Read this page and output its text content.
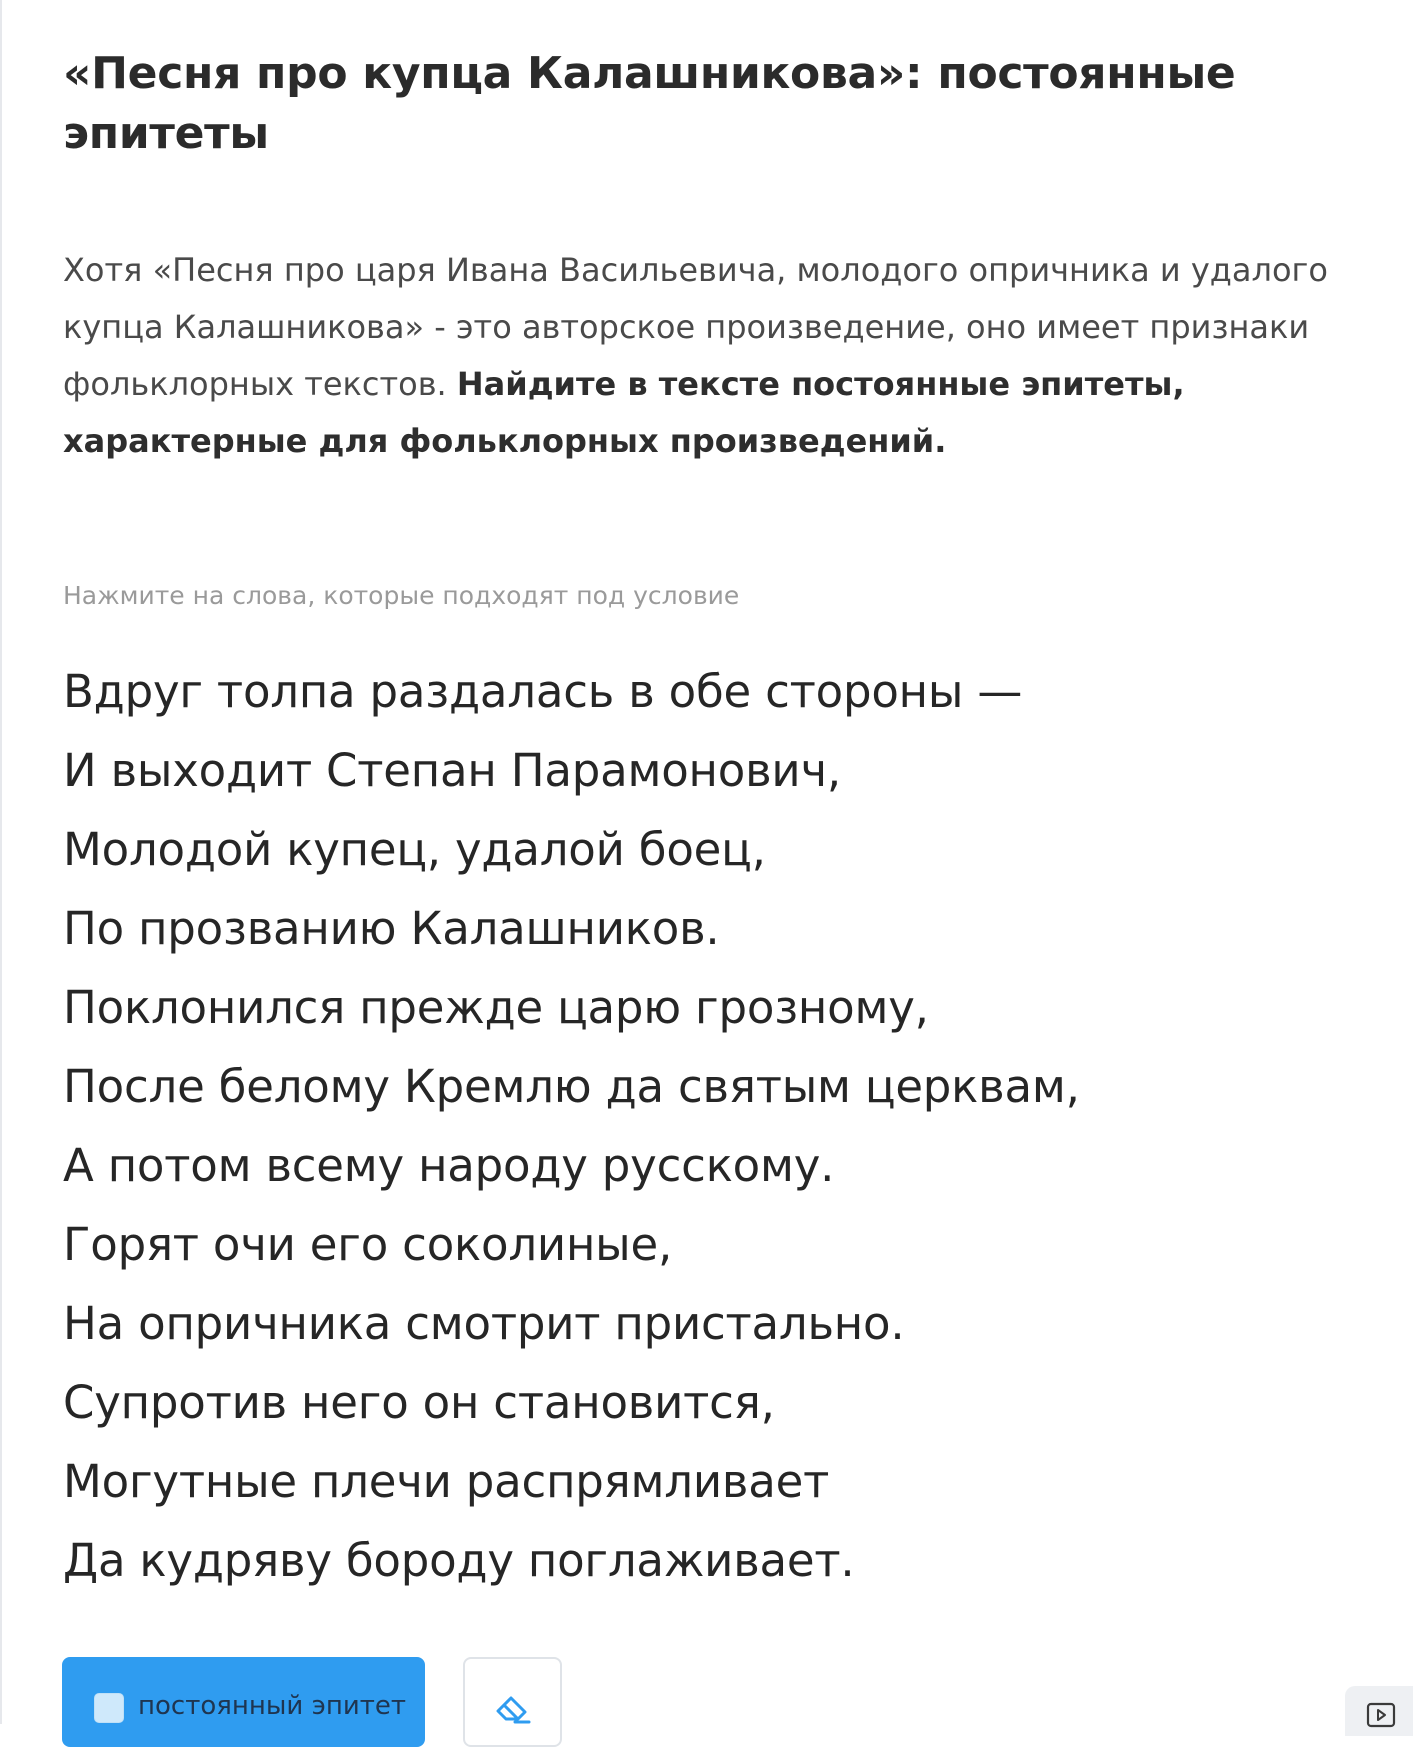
«Песня про купца Калашникова»: постоянные эпитеты
Хотя «Песня про царя Ивана Васильевича, молодого опричника и удалого купца Калашникова» - это авторское произведение, оно имеет признаки фольклорных текстов. Найдите в тексте постоянные эпитеты, характерные для фольклорных произведений.
Нажмите на слова, которые подходят под условие
Вдруг толпа раздалась в обе стороны —
И выходит Степан Парамонович,
Молодой купец, удалой боец,
По прозванию Калашников.
Поклонился прежде царю грозному,
После белому Кремлю да святым церквам,
А потом всему народу русскому.
Горят очи его соколиные,
На опричника смотрит пристально.
Супротив него он становится,
Могутные плечи распрямливает
Да кудряву бороду поглаживает.
постоянный эпитет
